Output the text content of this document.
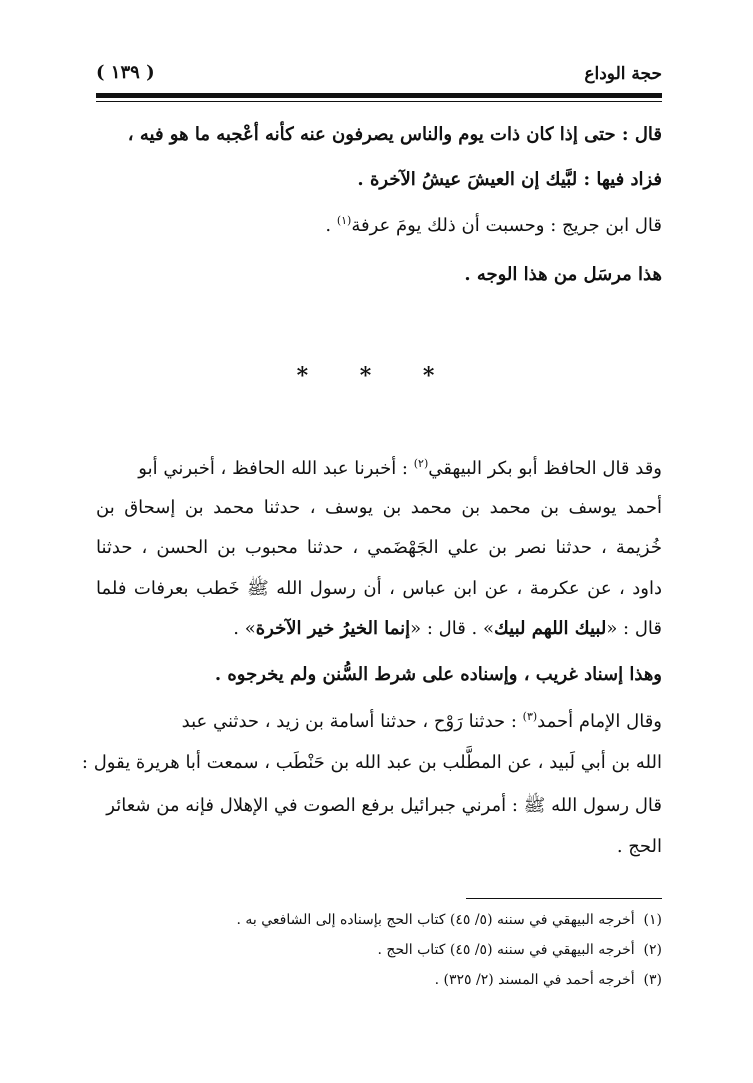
حجة الوداع
( ١٣٩ )
قال : حتى إذا كان ذات يوم والناس يصرفون عنه كأنه أعْجبه ما هو فيه ،
فزاد فيها : لبَّيك إن العيشَ عيشُ الآخرة .
قال ابن جريج : وحسبت أن ذلك يومَ عرفة$^{(١)}$ .
هذا مرسَل من هذا الوجه .
* * *
وقد قال الحافظ أبو بكر البيهقي$^{(٢)}$ : أخبرنا عبد الله الحافظ ، أخبرني أبو
أحمد يوسف بن محمد بن محمد بن يوسف ، حدثنا محمد بن إسحاق بن
خُزيمة ، حدثنا نصر بن علي الجَهْضَمي ، حدثنا محبوب بن الحسن ، حدثنا
داود ، عن عكرمة ، عن ابن عباس ، أن رسول الله ﷺ خَطب بعرفات فلما
قال : «لبيك اللهم لبيك» . قال : «إنما الخيرُ خير الآخرة» .
وهذا إسناد غريب ، وإسناده على شرط السُّنن ولم يخرجوه .
وقال الإمام أحمد$^{(٣)}$ : حدثنا رَوْح ، حدثنا أسامة بن زيد ، حدثني عبد
الله بن أبي لَبيد ، عن المطَّلب بن عبد الله بن حَنْطَب ، سمعت أبا هريرة يقول :
قال رسول الله ﷺ : أمرني جبرائيل برفع الصوت في الإهلال فإنه من شعائر
الحج .
(١)  أخرجه البيهقي في سننه (٥/ ٤٥) كتاب الحج بإسناده إلى الشافعي به .
(٢)  أخرجه البيهقي في سننه (٥/ ٤٥) كتاب الحج .
(٣)  أخرجه أحمد في المسند (٢/ ٣٢٥) .
